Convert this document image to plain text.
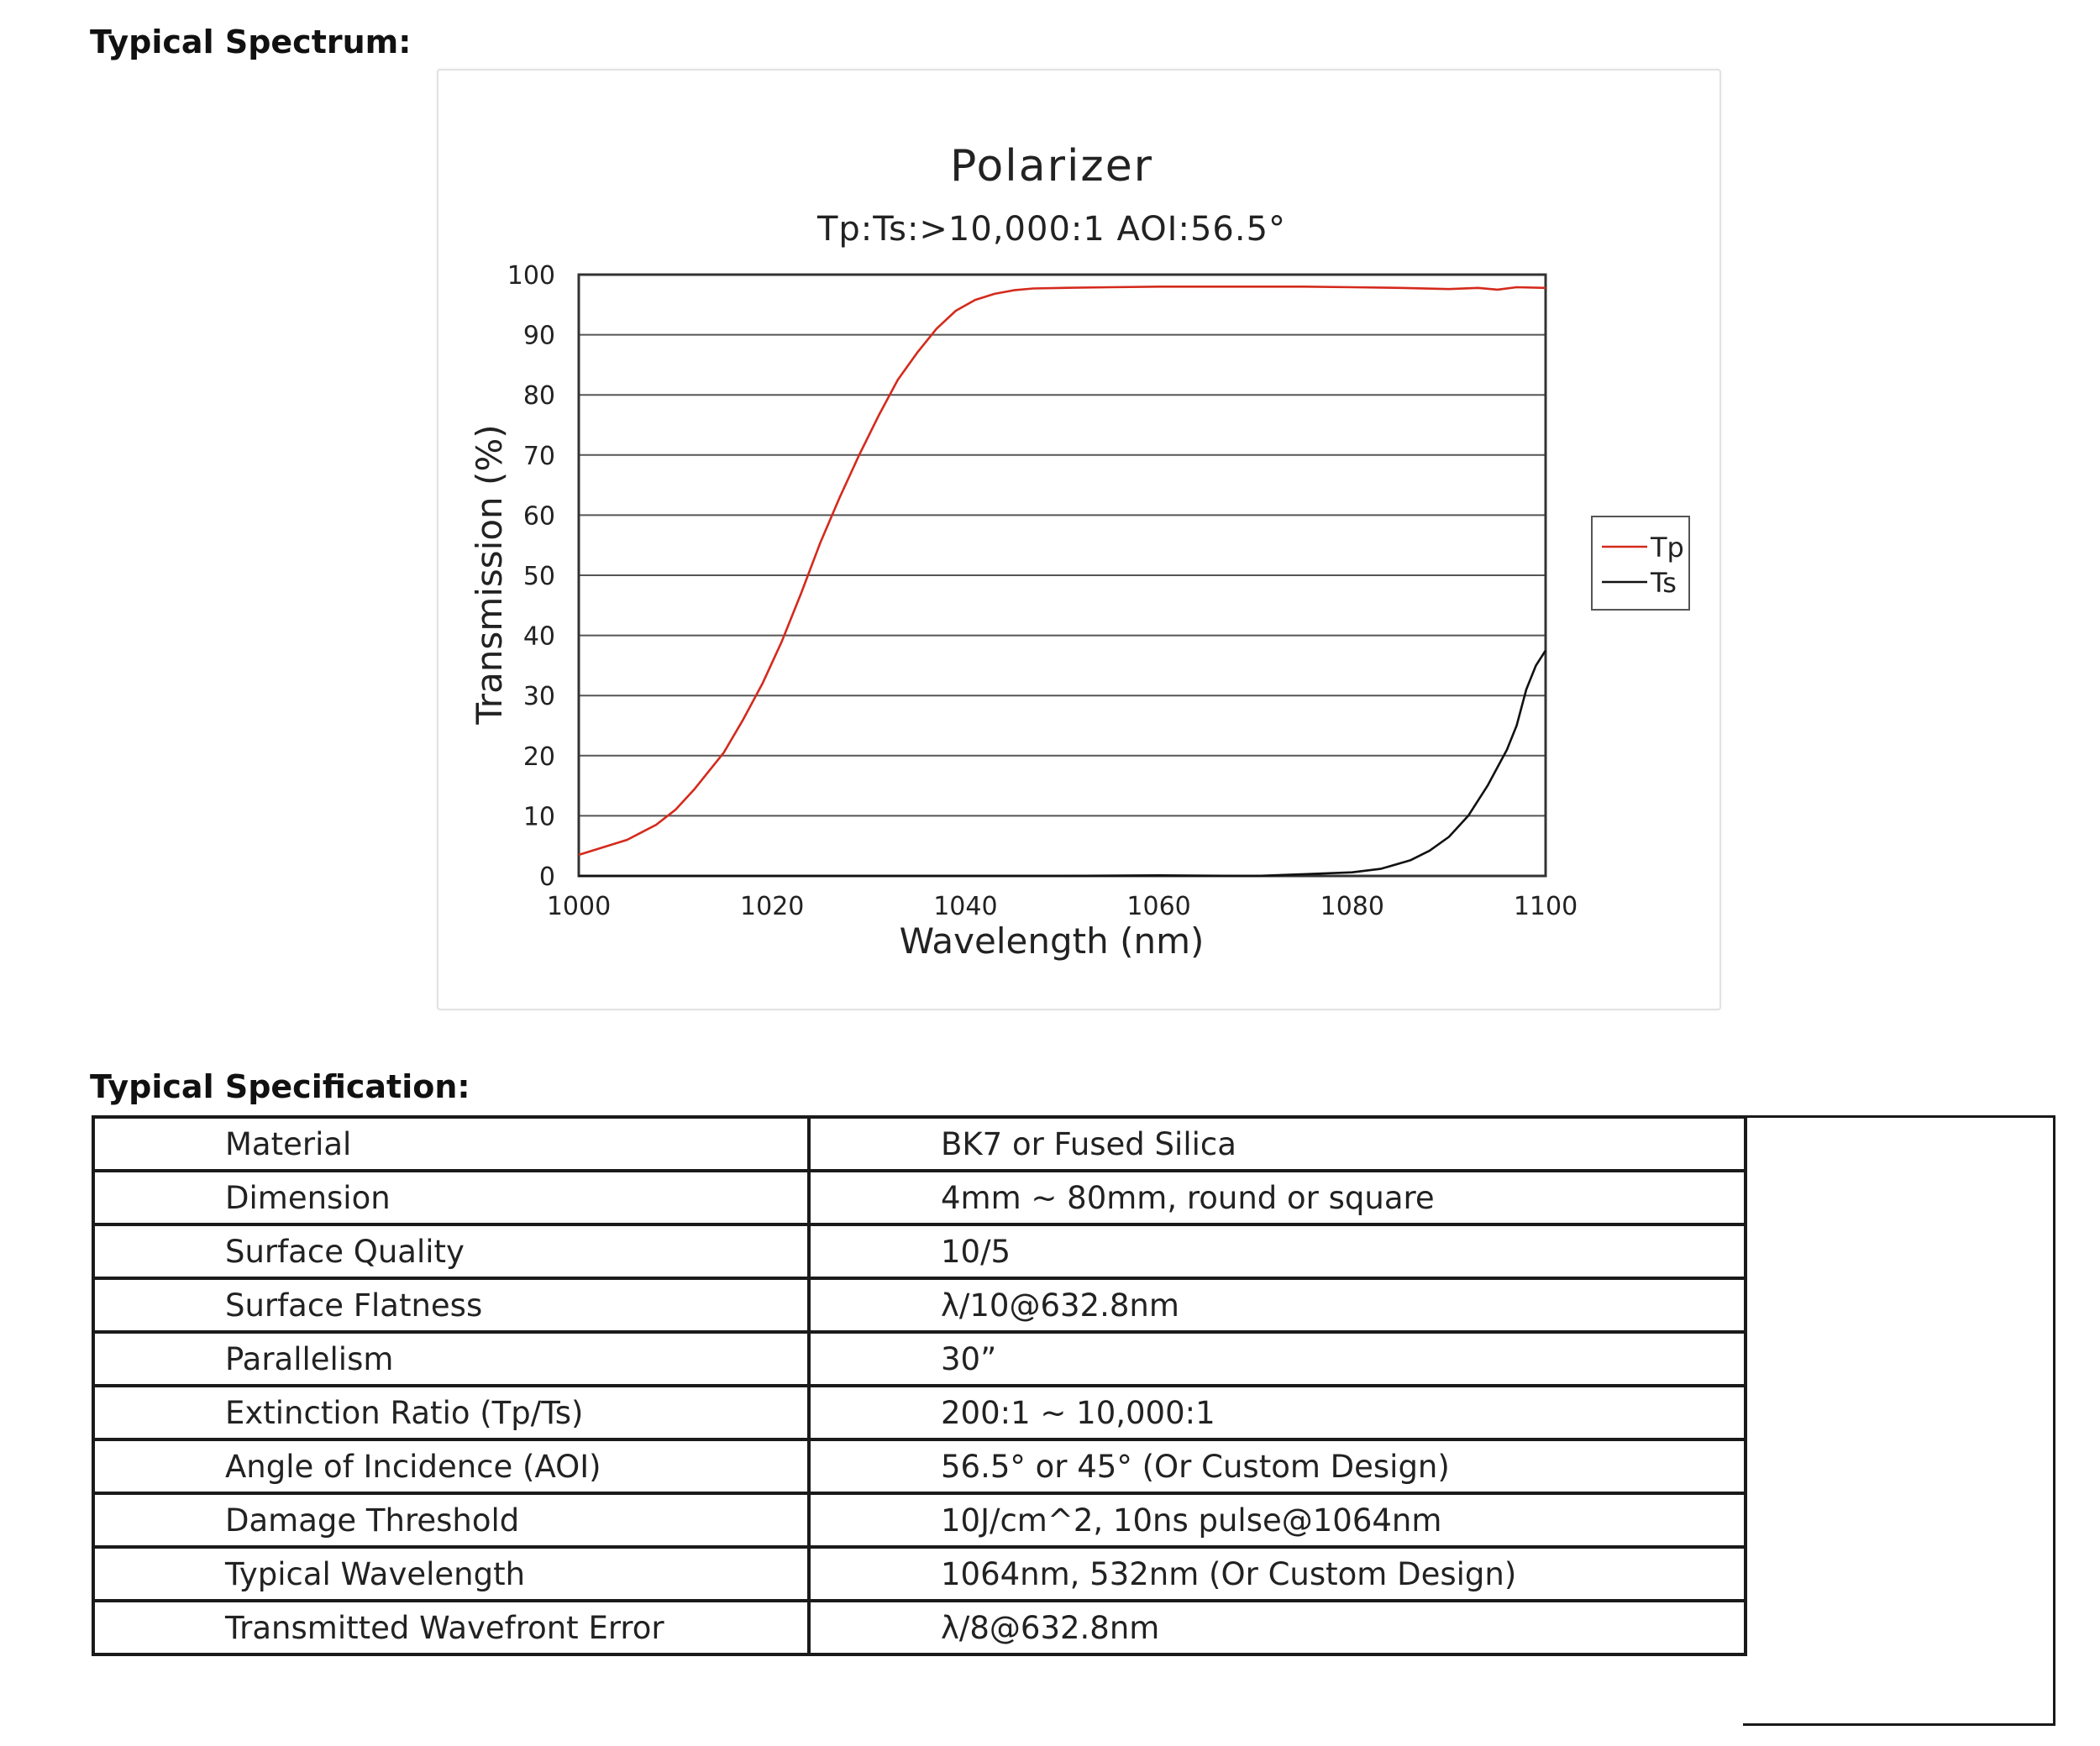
Typical Spectrum:
Polarizer
Tp:Ts:>10,000:1 AOI:56.5°
0
10
20
30
40
50
60
70
80
90
100
1000	1020	1040	1060	1080	1100
Wavelength (nm)
Transmission (%)	Tp
Ts
Typical Specification:
Material	BK7 or Fused Silica
Dimension	4mm ~ 80mm, round or square
Surface Quality	10/5
Surface Flatness	λ/10@632.8nm
Parallelism	30”
Extinction Ratio (Tp/Ts)	200:1 ~ 10,000:1
Angle of Incidence (AOI)	56.5° or 45° (Or Custom Design)
Damage Threshold	10J/cm^2, 10ns pulse@1064nm
Typical Wavelength	1064nm, 532nm (Or Custom Design)
Transmitted Wavefront Error	λ/8@632.8nm
